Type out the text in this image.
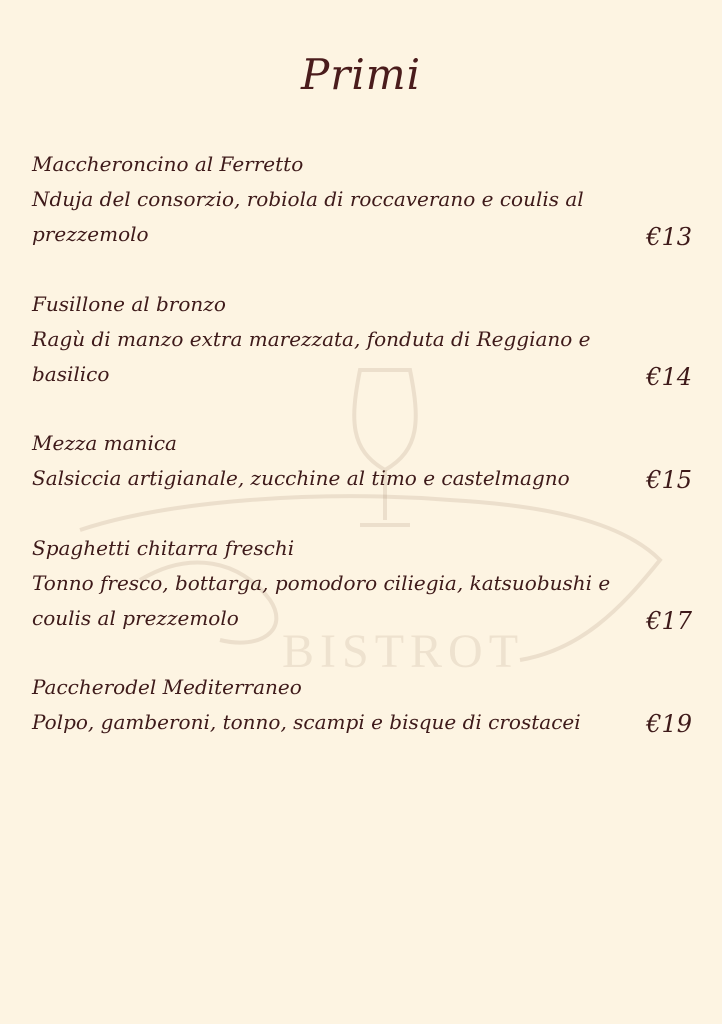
BISTROT
Primi
Maccheroncino al Ferretto
Nduja del consorzio, robiola di roccaverano e coulis al prezzemolo	€13
Fusillone al bronzo
Ragù di manzo extra marezzata, fonduta di Reggiano e basilico	€14
Mezza manica
Salsiccia artigianale, zucchine al timo e castelmagno	€15
Spaghetti chitarra freschi
Tonno fresco, bottarga, pomodoro ciliegia, katsuobushi e coulis al prezzemolo	€17
Paccherodel Mediterraneo
Polpo, gamberoni, tonno, scampi e bisque di crostacei	€19
